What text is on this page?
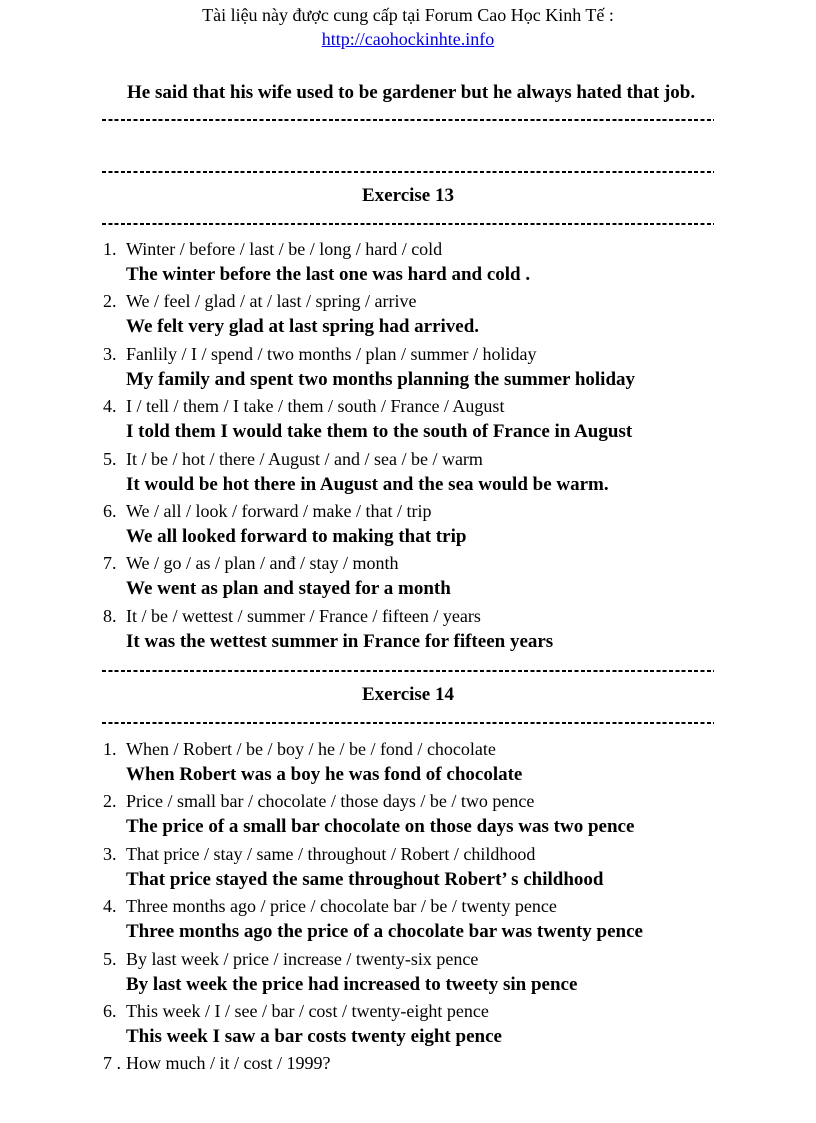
Tài liệu này được cung cấp tại Forum Cao Học Kinh Tế :
http://caohockinhte.info
He said that his wife used to be gardener but he always hated that job.
Exercise 13
1. Winter / before / last / be / long / hard / cold
The winter before the last one was hard and cold .
2. We / feel / glad / at / last / spring / arrive
We felt very glad at last spring had arrived.
3. Fanlily / I / spend / two months / plan / summer / holiday
My family and spent two months planning the summer holiday
4. I / tell / them / I take / them / south / France / August
I told them I would take them to the south of France in August
5. It / be / hot / there / August / and / sea / be / warm
It would be hot there in August and the sea would be warm.
6. We / all / look / forward / make / that / trip
We all looked forward to making that trip
7. We / go / as / plan / anđ / stay / month
We went as plan and stayed for a month
8. It / be / wettest / summer / France / fifteen / years
It was the wettest summer in France for fifteen years
Exercise 14
1. When / Robert / be / boy / he / be / fond / chocolate
When Robert was a boy he was fond of chocolate
2. Price / small bar / chocolate / those days / be / two pence
The price of a small bar chocolate on those days was two pence
3. That price / stay / same / throughout / Robert / childhood
That price stayed the same throughout Robert’ s childhood
4. Three months ago / price / chocolate bar / be / twenty pence
Three months ago the price of a chocolate bar was twenty pence
5. By last week / price / increase / twenty-six pence
By last week the price had increased to tweety sin pence
6. This week / I / see / bar / cost / twenty-eight pence
This week I saw a bar costs twenty eight pence
7 . How much / it / cost / 1999?
